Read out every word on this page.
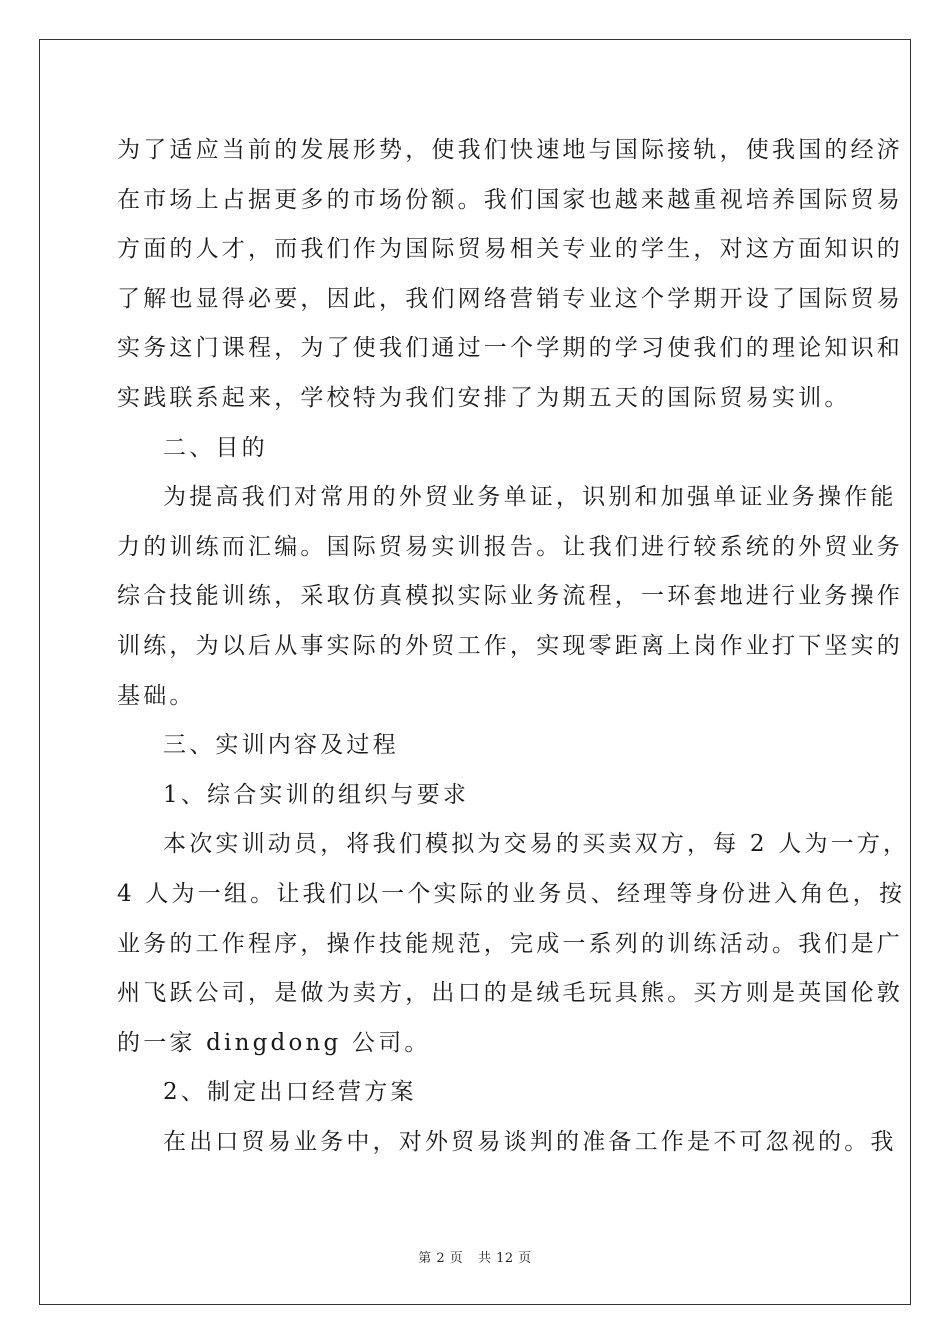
为了适应当前的发展形势，使我们快速地与国际接轨，使我国的经济
在市场上占据更多的市场份额。我们国家也越来越重视培养国际贸易
方面的人才，而我们作为国际贸易相关专业的学生，对这方面知识的
了解也显得必要，因此，我们网络营销专业这个学期开设了国际贸易
实务这门课程，为了使我们通过一个学期的学习使我们的理论知识和
实践联系起来，学校特为我们安排了为期五天的国际贸易实训。
二、目的
为提高我们对常用的外贸业务单证，识别和加强单证业务操作能
力的训练而汇编。国际贸易实训报告。让我们进行较系统的外贸业务
综合技能训练，采取仿真模拟实际业务流程，一环套地进行业务操作
训练，为以后从事实际的外贸工作，实现零距离上岗作业打下坚实的
基础。
三、实训内容及过程
1、综合实训的组织与要求
本次实训动员，将我们模拟为交易的买卖双方，每 2 人为一方，
4 人为一组。让我们以一个实际的业务员、经理等身份进入角色，按
业务的工作程序，操作技能规范，完成一系列的训练活动。我们是广
州飞跃公司，是做为卖方，出口的是绒毛玩具熊。买方则是英国伦敦
的一家 dingdong 公司。
2、制定出口经营方案
在出口贸易业务中，对外贸易谈判的准备工作是不可忽视的。我
第 2 页 共 12 页
